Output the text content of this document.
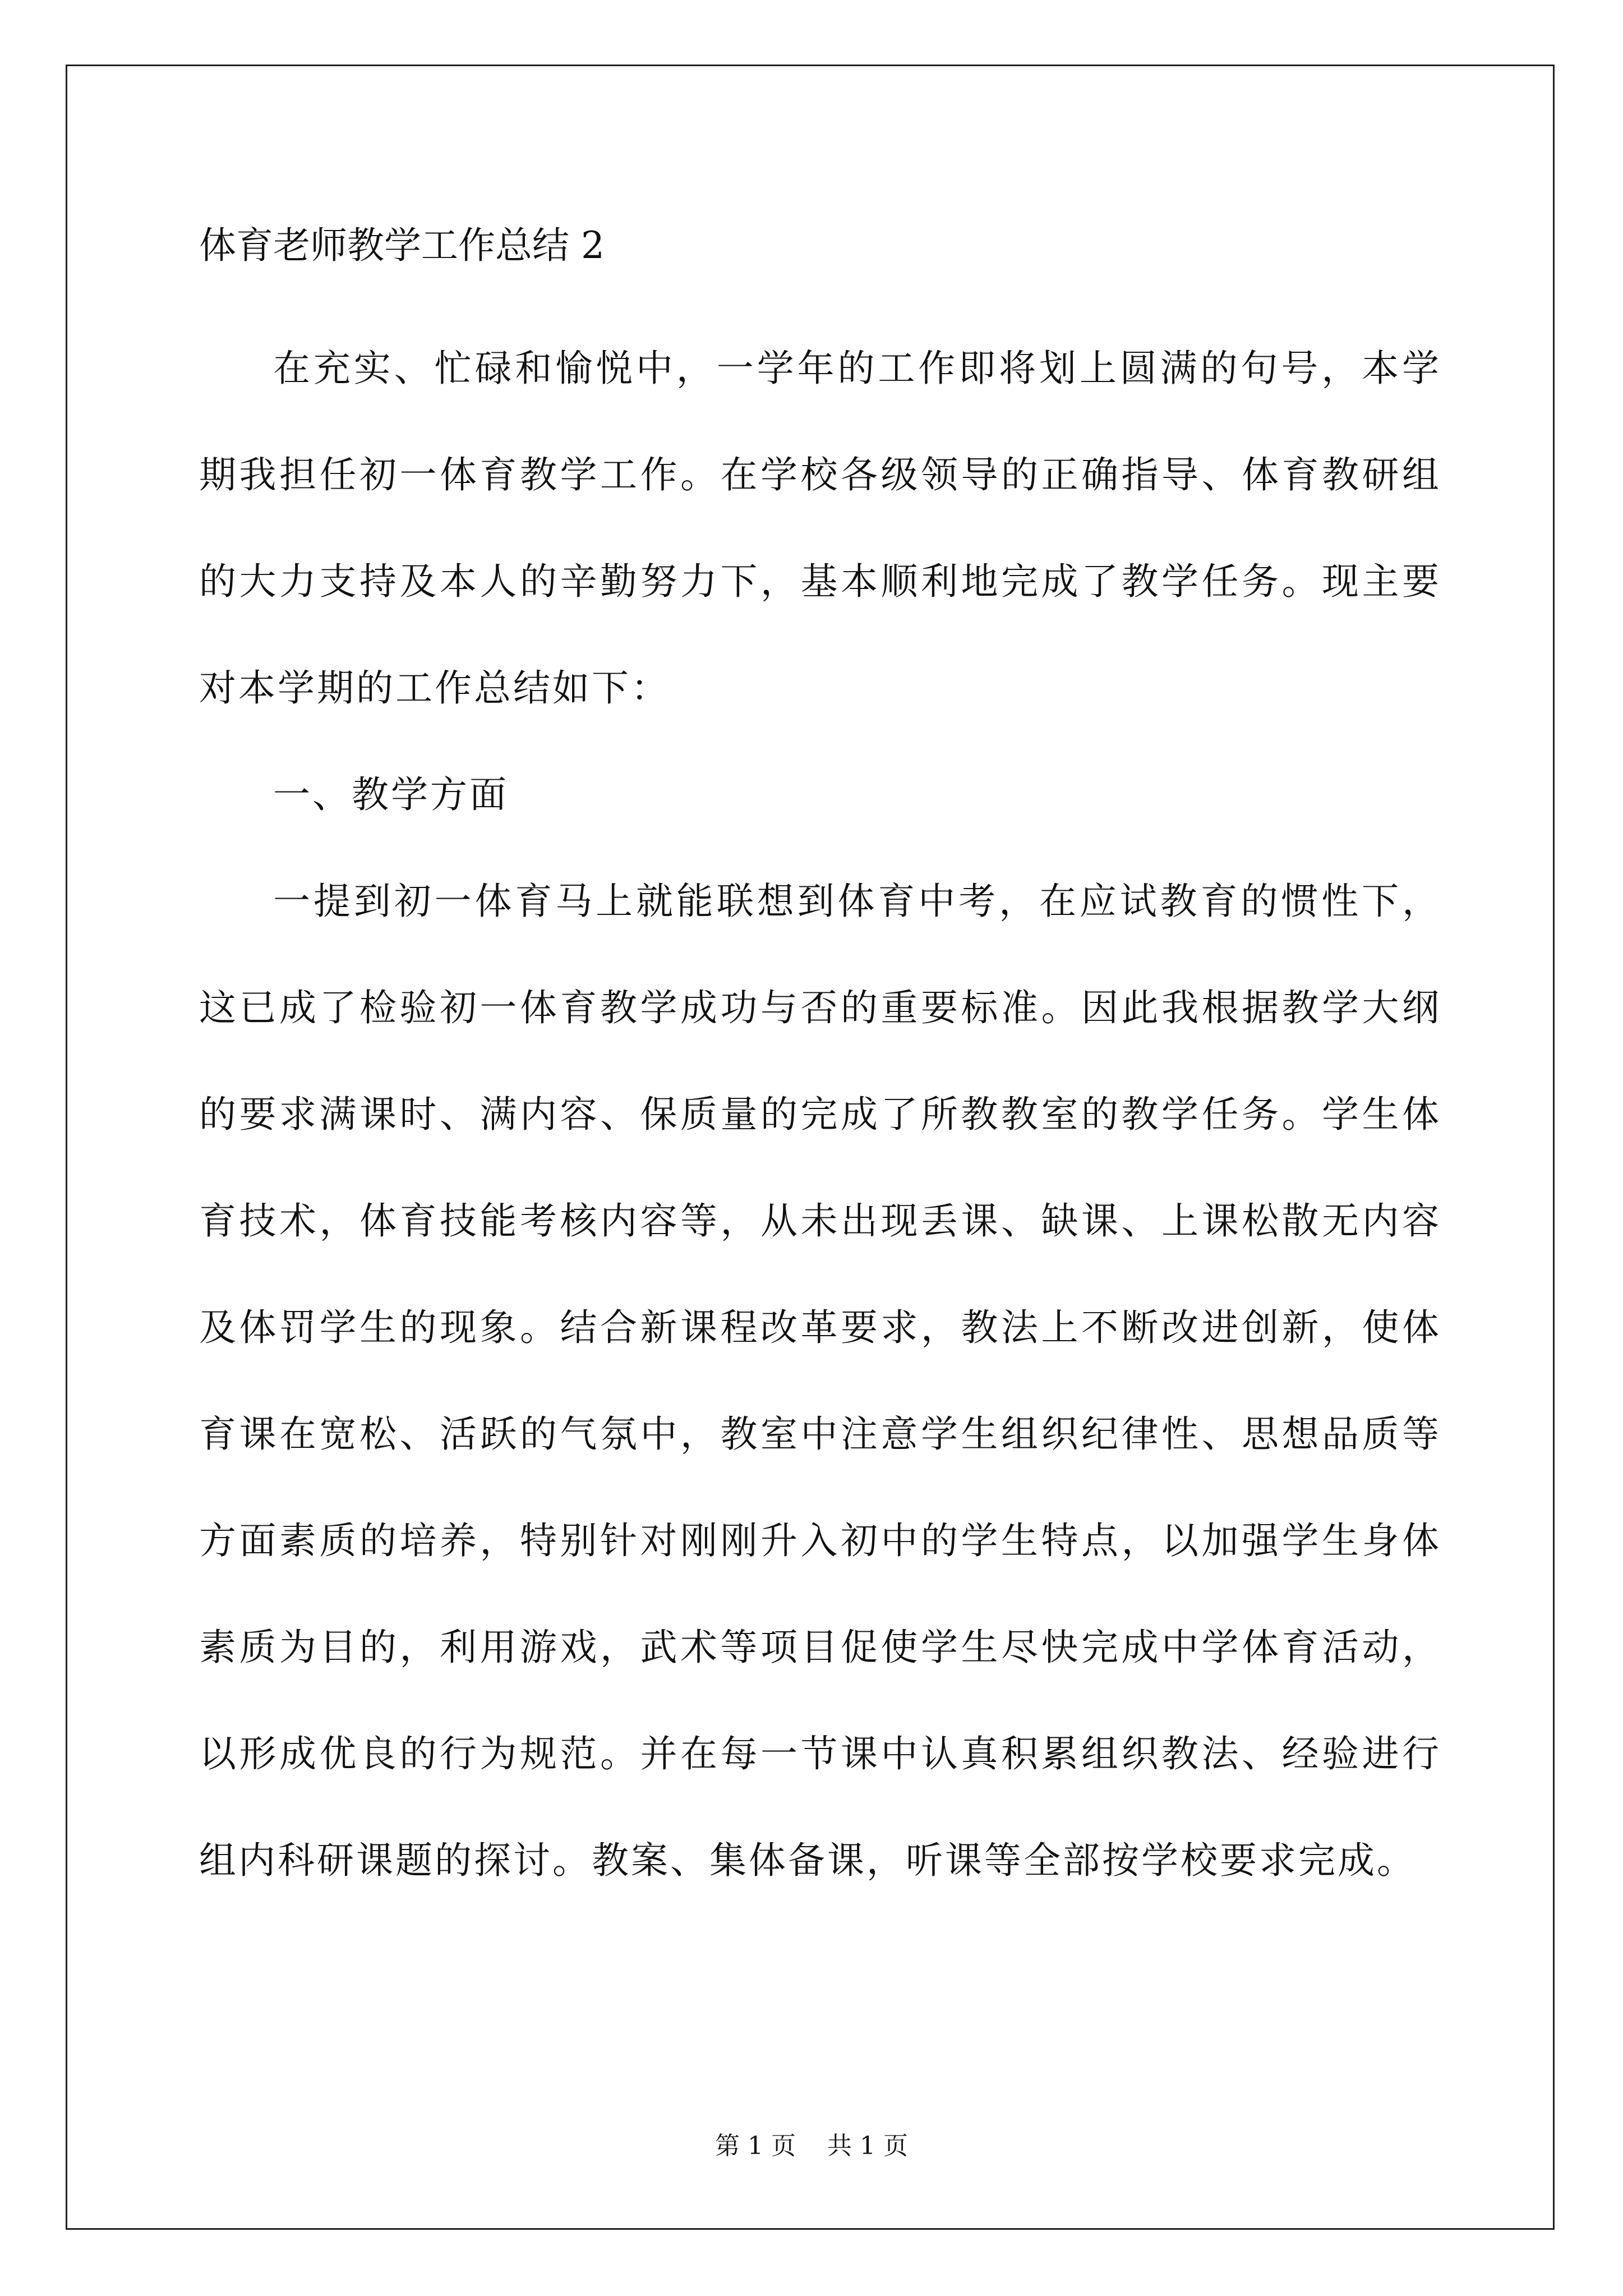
体育老师教学工作总结 2

在充实、忙碌和愉悦中，一学年的工作即将划上圆满的句号，本学期我担任初一体育教学工作。在学校各级领导的正确指导、体育教研组的大力支持及本人的辛勤努力下，基本顺利地完成了教学任务。现主要对本学期的工作总结如下：

一、教学方面

一提到初一体育马上就能联想到体育中考，在应试教育的惯性下，这已成了检验初一体育教学成功与否的重要标准。因此我根据教学大纲的要求满课时、满内容、保质量的完成了所教教室的教学任务。学生体育技术，体育技能考核内容等，从未出现丢课、缺课、上课松散无内容及体罚学生的现象。结合新课程改革要求，教法上不断改进创新，使体育课在宽松、活跃的气氛中，教室中注意学生组织纪律性、思想品质等方面素质的培养，特别针对刚刚升入初中的学生特点，以加强学生身体素质为目的，利用游戏，武术等项目促使学生尽快完成中学体育活动，以形成优良的行为规范。并在每一节课中认真积累组织教法、经验进行组内科研课题的探讨。教案、集体备课，听课等全部按学校要求完成。

第 1 页 共 1 页
